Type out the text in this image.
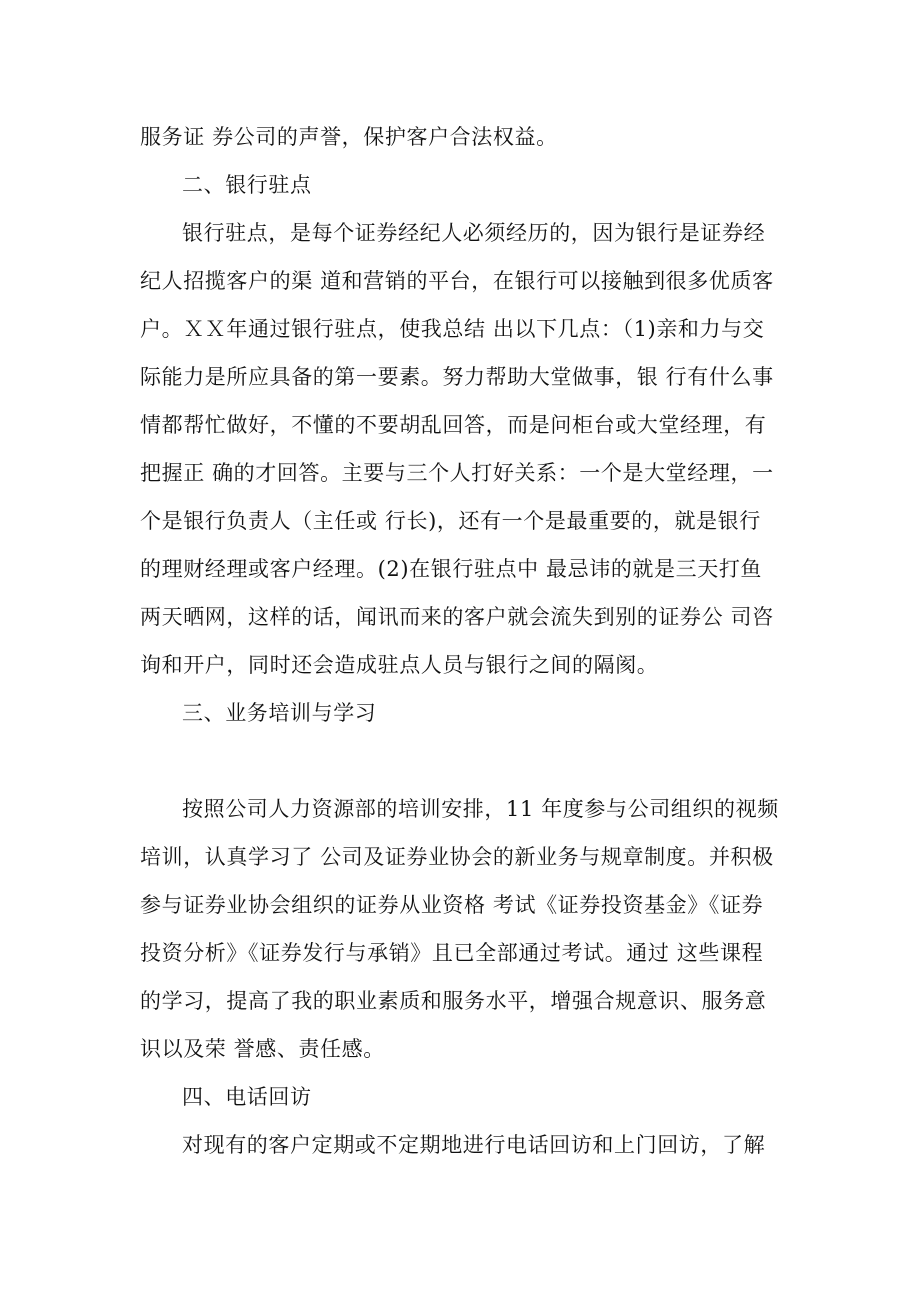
服务证 券公司的声誉，保护客户合法权益。
二、银行驻点
银行驻点，是每个证券经纪人必须经历的，因为银行是证券经
纪人招揽客户的渠 道和营销的平台，在银行可以接触到很多优质客
户。ＸＸ年通过银行驻点，使我总结 出以下几点：（1)亲和力与交
际能力是所应具备的第一要素。努力帮助大堂做事，银 行有什么事
情都帮忙做好，不懂的不要胡乱回答，而是问柜台或大堂经理，有
把握正 确的才回答。主要与三个人打好关系：一个是大堂经理，一
个是银行负责人（主任或 行长)，还有一个是最重要的，就是银行
的理财经理或客户经理。(2)在银行驻点中 最忌讳的就是三天打鱼
两天晒网，这样的话，闻讯而来的客户就会流失到别的证券公 司咨
询和开户，同时还会造成驻点人员与银行之间的隔阂。
三、业务培训与学习
按照公司人力资源部的培训安排，11 年度参与公司组织的视频
培训，认真学习了 公司及证券业协会的新业务与规章制度。并积极
参与证券业协会组织的证券从业资格 考试《证券投资基金》《证券
投资分析》《证券发行与承销》且已全部通过考试。通过 这些课程
的学习，提高了我的职业素质和服务水平，增强合规意识、服务意
识以及荣 誉感、责任感。
四、电话回访
对现有的客户定期或不定期地进行电话回访和上门回访，了解
